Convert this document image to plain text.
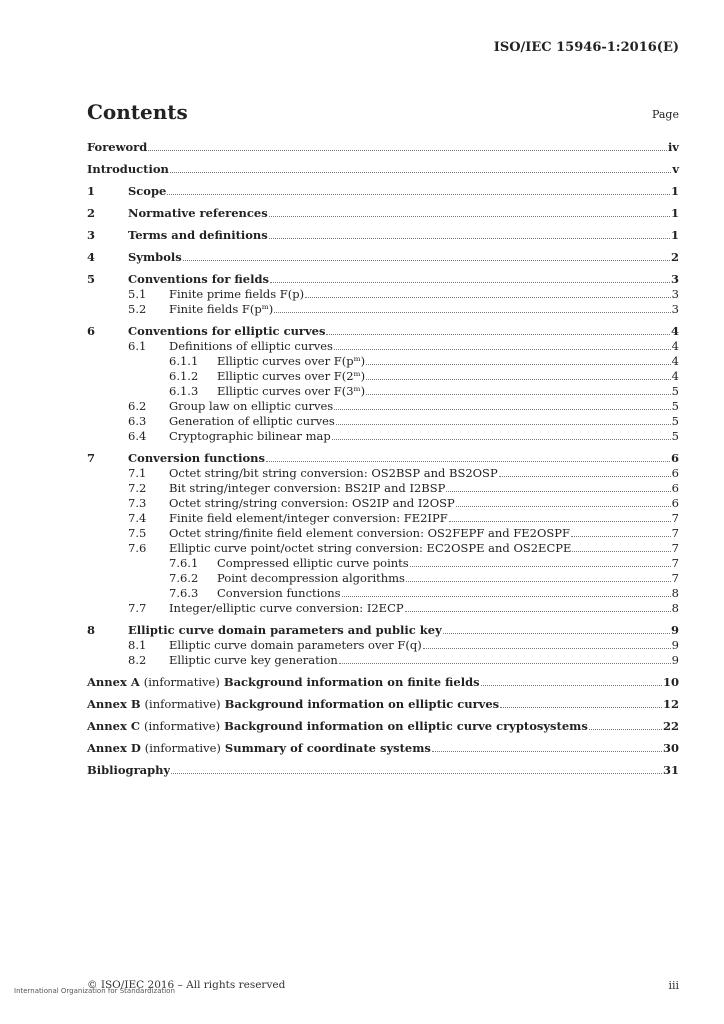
ISO/IEC 15946-1:2016(E)
Contents	Page
Foreword	iv
Introduction	v
1	Scope	1
2	Normative references	1
3	Terms and definitions	1
4	Symbols	2
5	Conventions for fields	3
5.1	Finite prime fields F(p)	3
5.2	Finite fields F(pᵐ)	3
6	Conventions for elliptic curves	4
6.1	Definitions of elliptic curves	4
6.1.1	Elliptic curves over F(pᵐ)	4
6.1.2	Elliptic curves over F(2ᵐ)	4
6.1.3	Elliptic curves over F(3ᵐ)	5
6.2	Group law on elliptic curves	5
6.3	Generation of elliptic curves	5
6.4	Cryptographic bilinear map	5
7	Conversion functions	6
7.1	Octet string/bit string conversion: OS2BSP and BS2OSP	6
7.2	Bit string/integer conversion: BS2IP and I2BSP	6
7.3	Octet string/string conversion: OS2IP and I2OSP	6
7.4	Finite field element/integer conversion: FE2IPF	7
7.5	Octet string/finite field element conversion: OS2FEPF and FE2OSPF	7
7.6	Elliptic curve point/octet string conversion: EC2OSPE and OS2ECPE	7
7.6.1	Compressed elliptic curve points	7
7.6.2	Point decompression algorithms	7
7.6.3	Conversion functions	8
7.7	Integer/elliptic curve conversion: I2ECP	8
8	Elliptic curve domain parameters and public key	9
8.1	Elliptic curve domain parameters over F(q)	9
8.2	Elliptic curve key generation	9
Annex A (informative) Background information on finite fields	10
Annex B (informative) Background information on elliptic curves	12
Annex C (informative) Background information on elliptic curve cryptosystems	22
Annex D (informative) Summary of coordinate systems	30
Bibliography	31
© ISO/IEC 2016 – All rights reserved	iii
International Organization for Standardization
